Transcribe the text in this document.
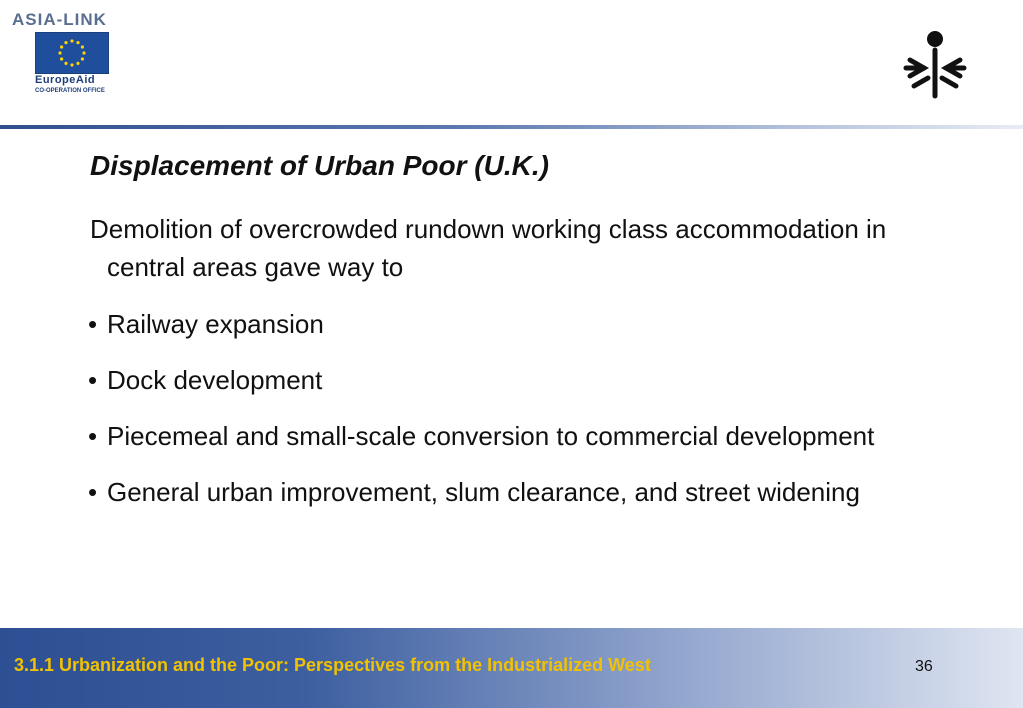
ASIA-LINK
EuropeAid
CO-OPERATION OFFICE
Displacement of Urban Poor (U.K.)
Demolition of overcrowded rundown working class accommodation in central areas gave way to
• Railway expansion
• Dock development
• Piecemeal and small-scale conversion to commercial development
• General urban improvement, slum clearance, and street widening
3.1.1 Urbanization and the Poor: Perspectives from the Industrialized West	36
